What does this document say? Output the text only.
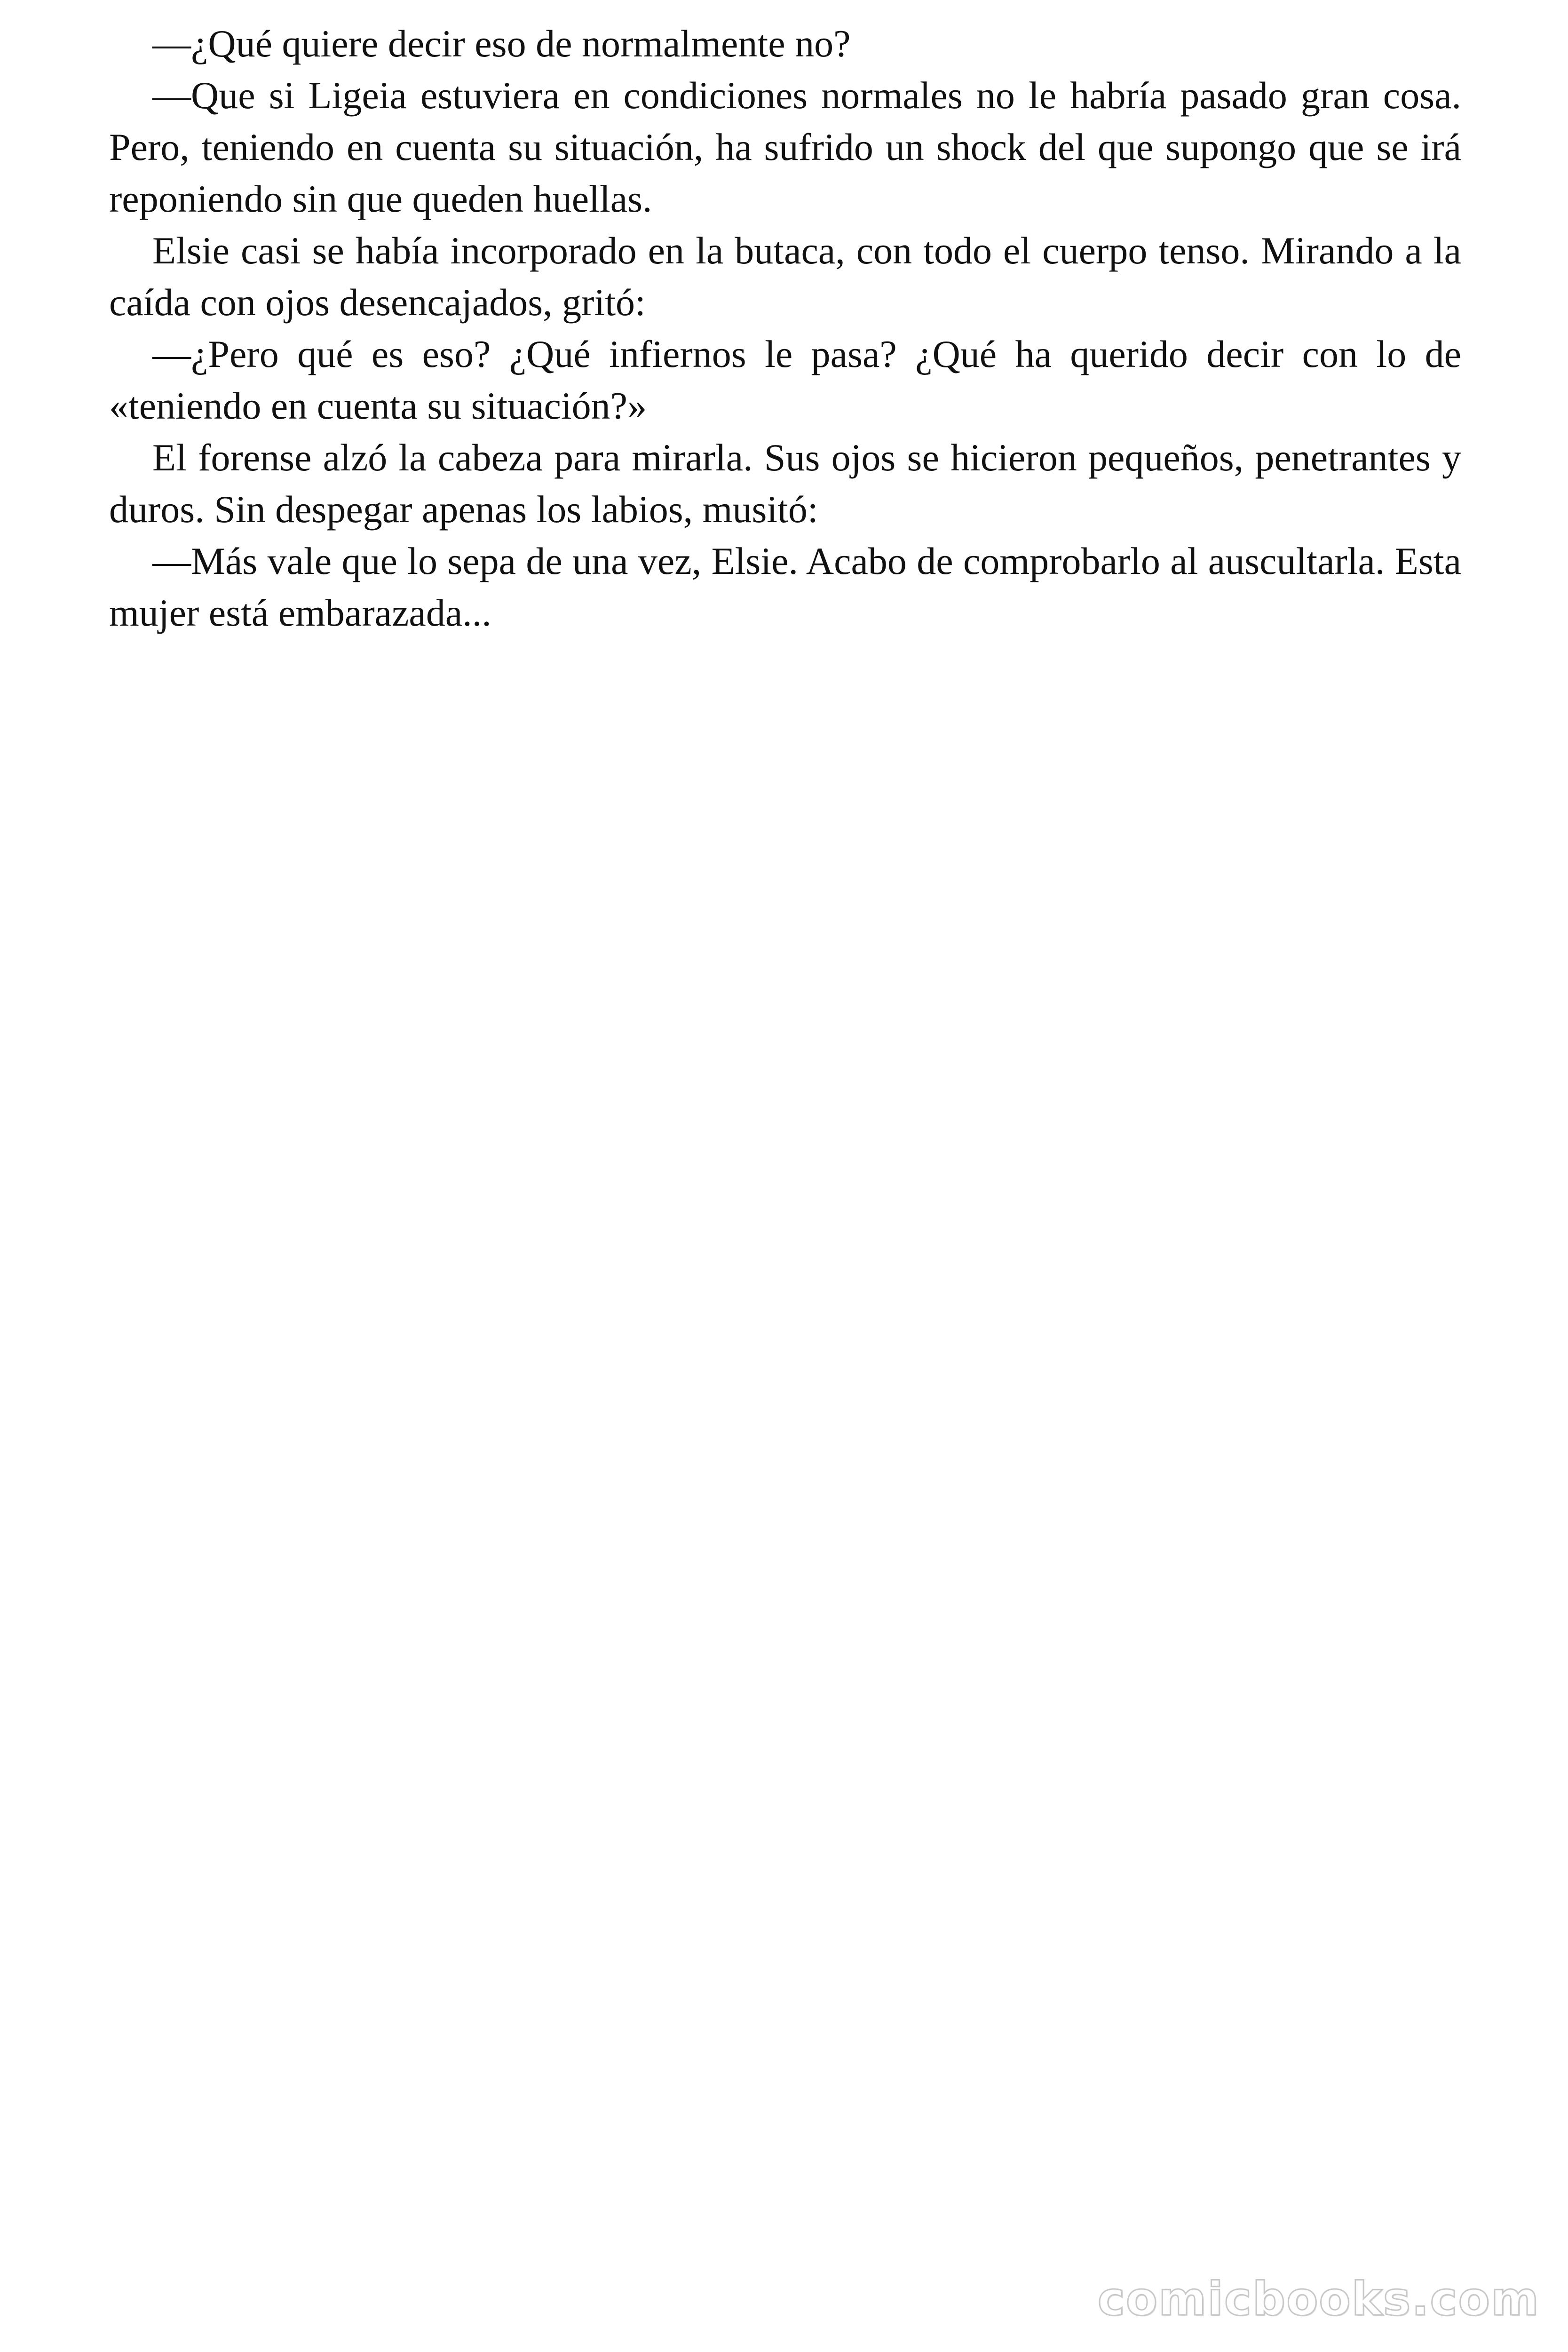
—¿Qué quiere decir eso de normalmente no?

—Que si Ligeia estuviera en condiciones normales no le habría pasado gran cosa. Pero, teniendo en cuenta su situación, ha sufrido un shock del que supongo que se irá reponiendo sin que queden huellas.

Elsie casi se había incorporado en la butaca, con todo el cuerpo tenso. Mirando a la caída con ojos desencajados, gritó:

—¿Pero qué es eso? ¿Qué infiernos le pasa? ¿Qué ha querido decir con lo de «teniendo en cuenta su situación?»

El forense alzó la cabeza para mirarla. Sus ojos se hicieron pequeños, penetrantes y duros. Sin despegar apenas los labios, musitó:

—Más vale que lo sepa de una vez, Elsie. Acabo de comprobarlo al auscultarla. Esta mujer está embarazada...

comicbooks.com
